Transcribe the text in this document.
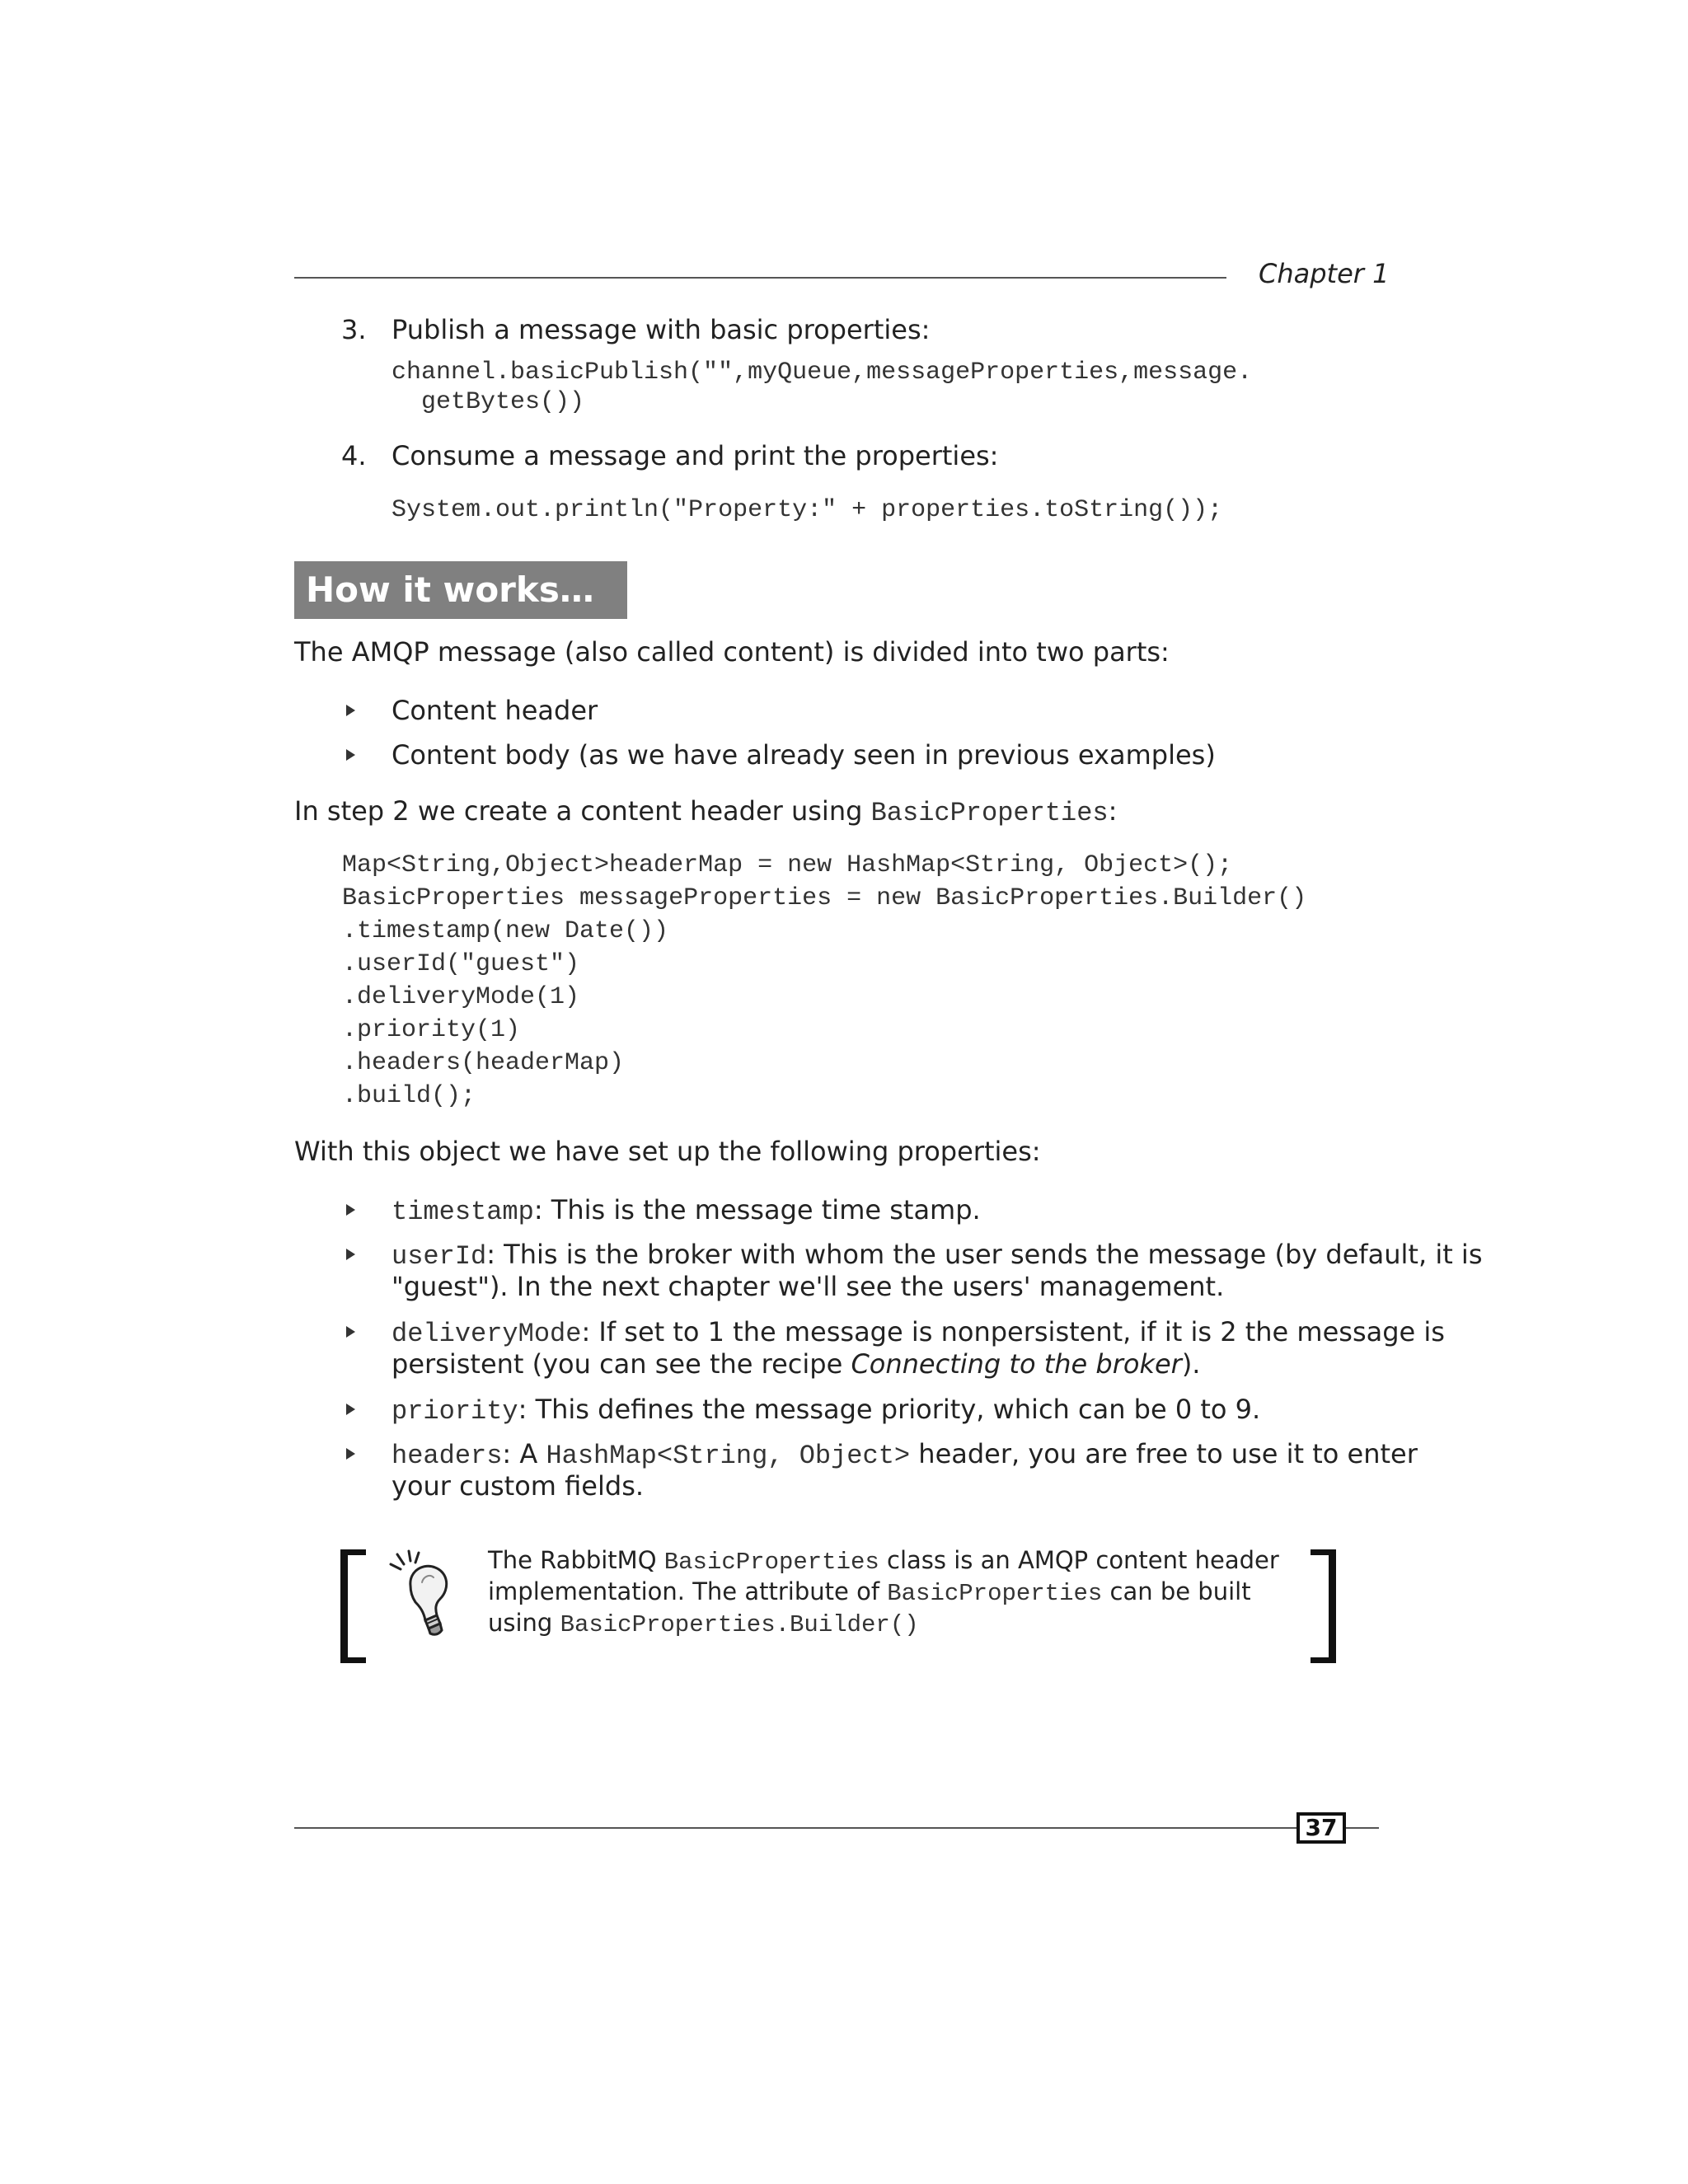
Chapter 1
3. Publish a message with basic properties:
channel.basicPublish("",myQueue,messageProperties,message.
getBytes())
4. Consume a message and print the properties:
System.out.println("Property:" + properties.toString());
How it works…
The AMQP message (also called content) is divided into two parts:
Content header
Content body (as we have already seen in previous examples)
In step 2 we create a content header using BasicProperties:
Map<String,Object>headerMap = new HashMap<String, Object>();
BasicProperties messageProperties = new BasicProperties.Builder()
.timestamp(new Date())
.userId("guest")
.deliveryMode(1)
.priority(1)
.headers(headerMap)
.build();
With this object we have set up the following properties:
timestamp: This is the message time stamp.
userId: This is the broker with whom the user sends the message (by default, it is
"guest"). In the next chapter we'll see the users' management.
deliveryMode: If set to 1 the message is nonpersistent, if it is 2 the message is
persistent (you can see the recipe Connecting to the broker).
priority: This defines the message priority, which can be 0 to 9.
headers: A HashMap<String, Object> header, you are free to use it to enter
your custom fields.
The RabbitMQ BasicProperties class is an AMQP content header
implementation. The attribute of BasicProperties can be built
using BasicProperties.Builder()
37
